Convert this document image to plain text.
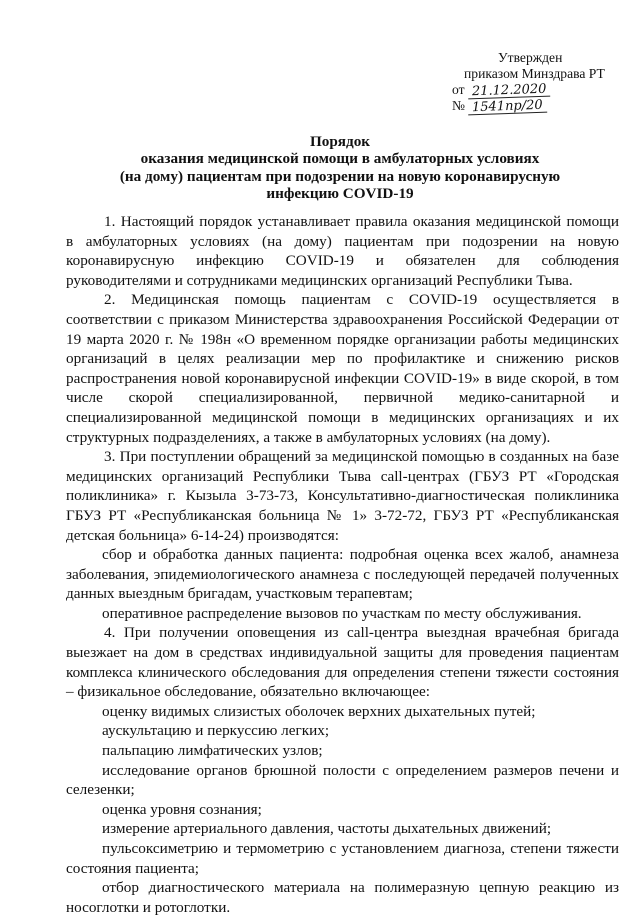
Утвержден
приказом Минздрава РТ
от 21.12.2020
№ 1541пр/20
Порядок
оказания медицинской помощи в амбулаторных условиях
(на дому) пациентам при подозрении на новую коронавирусную
инфекцию COVID-19

1. Настоящий порядок устанавливает правила оказания медицинской помощи в амбулаторных условиях (на дому) пациентам при подозрении на новую коронавирусную инфекцию COVID-19 и обязателен для соблюдения руководителями и сотрудниками медицинских организаций Республики Тыва.

2. Медицинская помощь пациентам с COVID-19 осуществляется в соответствии с приказом Министерства здравоохранения Российской Федерации от 19 марта 2020 г. № 198н «О временном порядке организации работы медицинских организаций в целях реализации мер по профилактике и снижению рисков распространения новой коронавирусной инфекции COVID-19» в виде скорой, в том числе скорой специализированной, первичной медико-санитарной и специализированной медицинской помощи в медицинских организациях и их структурных подразделениях, а также в амбулаторных условиях (на дому).

3. При поступлении обращений за медицинской помощью в созданных на базе медицинских организаций Республики Тыва call-центрах (ГБУЗ РТ «Городская поликлиника» г. Кызыла 3-73-73, Консультативно-диагностическая поликлиника ГБУЗ РТ «Республиканская больница № 1» 3-72-72, ГБУЗ РТ «Республиканская детская больница» 6-14-24) производятся:

сбор и обработка данных пациента: подробная оценка всех жалоб, анамнеза заболевания, эпидемиологического анамнеза с последующей передачей полученных данных выездным бригадам, участковым терапевтам;

оперативное распределение вызовов по участкам по месту обслуживания.

4. При получении оповещения из call-центра выездная врачебная бригада выезжает на дом в средствах индивидуальной защиты для проведения пациентам комплекса клинического обследования для определения степени тяжести состояния – физикальное обследование, обязательно включающее:

оценку видимых слизистых оболочек верхних дыхательных путей;

аускультацию и перкуссию легких;

пальпацию лимфатических узлов;

исследование органов брюшной полости с определением размеров печени и селезенки;

оценка уровня сознания;

измерение артериального давления, частоты дыхательных движений;

пульсоксиметрию и термометрию с установлением диагноза, степени тяжести состояния пациента;

отбор диагностического материала на полимеразную цепную реакцию из носоглотки и ротоглотки.
